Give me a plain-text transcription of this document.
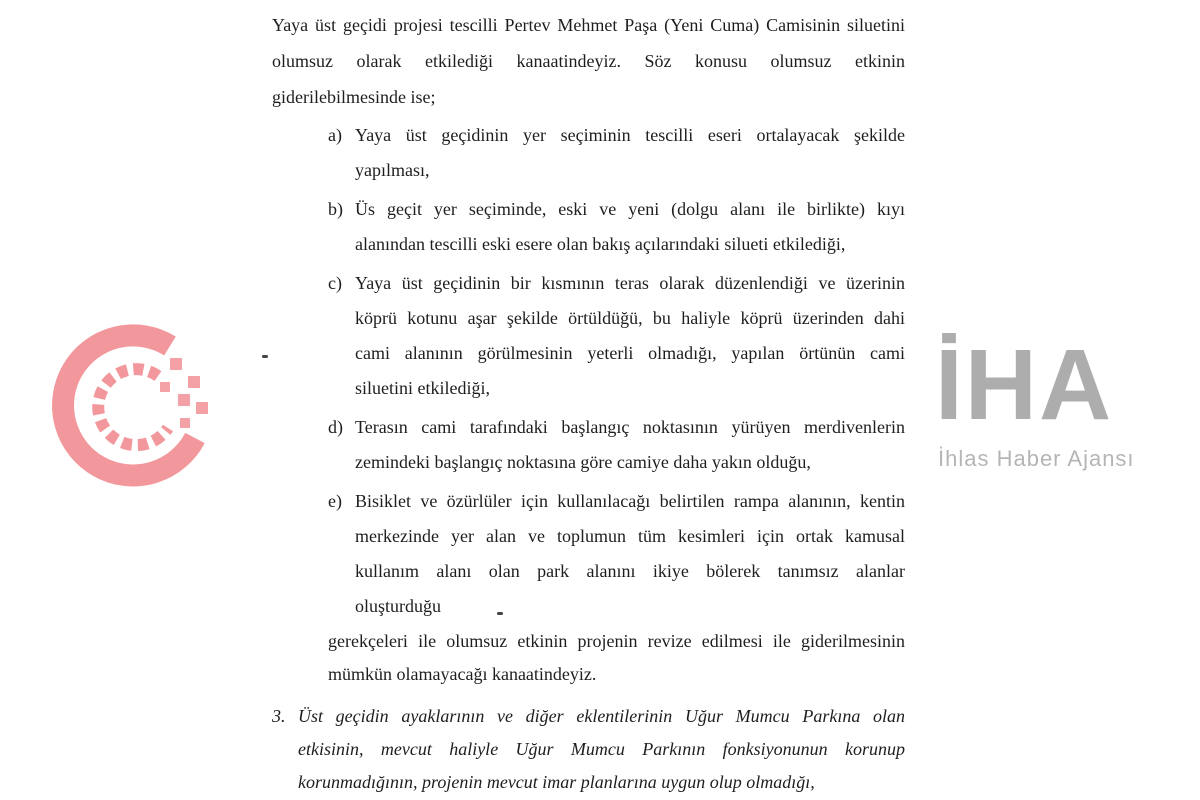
Yaya üst geçidi projesi tescilli Pertev Mehmet Paşa (Yeni Cuma) Camisinin siluetini
olumsuz olarak etkilediği kanaatindeyiz. Söz konusu olumsuz etkinin
giderilebilmesinde ise;
a) Yaya üst geçidinin yer seçiminin tescilli eseri ortalayacak şekilde
yapılması,
b) Üs geçit yer seçiminde, eski ve yeni (dolgu alanı ile birlikte) kıyı
alanından tescilli eski esere olan bakış açılarındaki silueti etkilediği,
c) Yaya üst geçidinin bir kısmının teras olarak düzenlendiği ve üzerinin
köprü kotunu aşar şekilde örtüldüğü, bu haliyle köprü üzerinden dahi
cami alanının görülmesinin yeterli olmadığı, yapılan örtünün cami
siluetini etkilediği,
d) Terasın cami tarafındaki başlangıç noktasının yürüyen merdivenlerin
zemindeki başlangıç noktasına göre camiye daha yakın olduğu,
e) Bisiklet ve özürlüler için kullanılacağı belirtilen rampa alanının, kentin
merkezinde yer alan ve toplumun tüm kesimleri için ortak kamusal
kullanım alanı olan park alanını ikiye bölerek tanımsız alanlar
oluşturduğu
gerekçeleri ile olumsuz etkinin projenin revize edilmesi ile giderilmesinin
mümkün olamayacağı kanaatindeyiz.
3. Üst geçidin ayaklarının ve diğer eklentilerinin Uğur Mumcu Parkına olan
etkisinin, mevcut haliyle Uğur Mumcu Parkının fonksiyonunun korunup
korunmadığının, projenin mevcut imar planlarına uygun olup olmadığı,
İHA
İhlas Haber Ajansı
